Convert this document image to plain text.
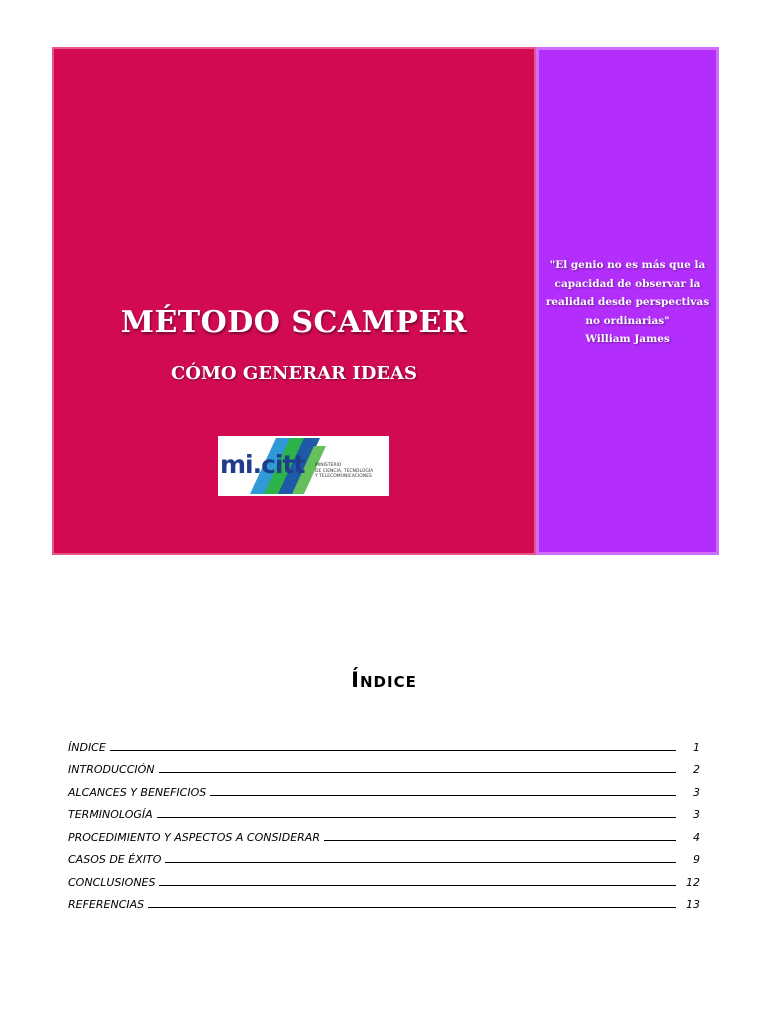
MÉTODO SCAMPER
CÓMO GENERAR IDEAS
mi.citt MINISTERIO
DE CIENCIA, TECNOLOGÍA
Y TELECOMUNICACIONES
"El genio no es más que la
capacidad de observar la
realidad desde perspectivas
no ordinarias"
William James
Índice
ÍNDICE	1
INTRODUCCIÓN	2
ALCANCES Y BENEFICIOS	3
TERMINOLOGÍA	3
PROCEDIMIENTO Y ASPECTOS A CONSIDERAR	4
CASOS DE ÉXITO	9
CONCLUSIONES	12
REFERENCIAS	13
